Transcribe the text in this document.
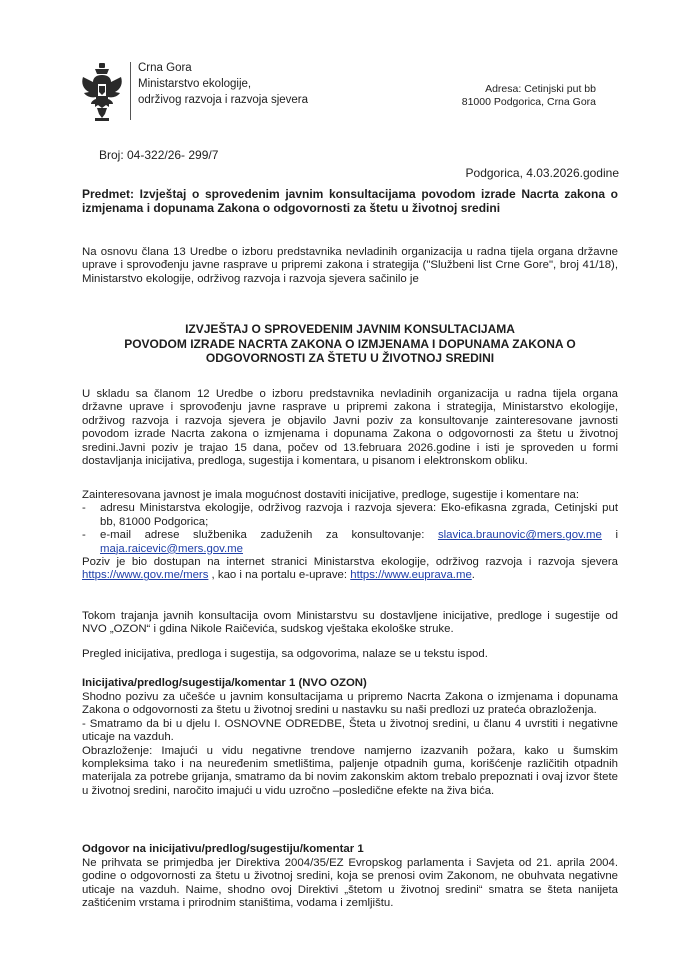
Crna Gora
Ministarstvo ekologije,
održivog razvoja i razvoja sjevera
Adresa: Cetinjski put bb
81000 Podgorica, Crna Gora
Broj: 04-322/26- 299/7
Podgorica, 4.03.2026.godine
Predmet: Izvještaj o sprovedenim javnim konsultacijama povodom izrade Nacrta zakona o izmjenama i dopunama Zakona o odgovornosti za štetu u životnoj sredini

Na osnovu člana 13 Uredbe o izboru predstavnika nevladinih organizacija u radna tijela organa državne uprave i sprovođenju javne rasprave u pripremi zakona i strategija ("Službeni list Crne Gore", broj 41/18), Ministarstvo ekologije, održivog razvoja i razvoja sjevera sačinilo je

IZVJEŠTAJ O SPROVEDENIM JAVNIM KONSULTACIJAMA
POVODOM IZRADE NACRTA ZAKONA O IZMJENAMA I DOPUNAMA ZAKONA O
ODGOVORNOSTI ZA ŠTETU U ŽIVOTNOJ SREDINI

U skladu sa članom 12 Uredbe o izboru predstavnika nevladinih organizacija u radna tijela organa državne uprave i sprovođenju javne rasprave u pripremi zakona i strategija, Ministarstvo ekologije, održivog razvoja i razvoja sjevera je objavilo Javni poziv za konsultovanje zainteresovane javnosti povodom izrade Nacrta zakona o izmjenama i dopunama Zakona o odgovornosti za štetu u životnoj sredini.Javni poziv je trajao 15 dana, počev od 13.februara 2026.godine i isti je sproveden u formi dostavljanja inicijativa, predloga, sugestija i komentara, u pisanom i elektronskom obliku.

Zainteresovana javnost je imala mogućnost dostaviti inicijative, predloge, sugestije i komentare na:

- adresu Ministarstva ekologije, održivog razvoja i razvoja sjevera: Eko-efikasna zgrada, Cetinjski put bb, 81000 Podgorica;
- e-mail adrese službenika zaduženih za konsultovanje: slavica.braunovic@mers.gov.me i maja.raicevic@mers.gov.me

Poziv je bio dostupan na internet stranici Ministarstva ekologije, održivog razvoja i razvoja sjevera https://www.gov.me/mers , kao i na portalu e-uprave: https://www.euprava.me.

Tokom trajanja javnih konsultacija ovom Ministarstvu su dostavljene inicijative, predloge i sugestije od NVO „OZON“ i gdina Nikole Raičevića, sudskog vještaka ekološke struke.

Pregled inicijativa, predloga i sugestija, sa odgovorima, nalaze se u tekstu ispod.

Inicijativa/predlog/sugestija/komentar 1 (NVO OZON)

Shodno pozivu za učešće u javnim konsultacijama u pripremo Nacrta Zakona o izmjenama i dopunama Zakona o odgovornosti za štetu u životnoj sredini u nastavku su naši predlozi uz prateća obrazloženja.

- Smatramo da bi u djelu I. OSNOVNE ODREDBE, Šteta u životnoj sredini, u članu 4 uvrstiti i negativne uticaje na vazduh.

Obrazloženje: Imajući u vidu negativne trendove namjerno izazvanih požara, kako u šumskim kompleksima tako i na neuređenim smetlištima, paljenje otpadnih guma, korišćenje različitih otpadnih materijala za potrebe grijanja, smatramo da bi novim zakonskim aktom trebalo prepoznati i ovaj izvor štete u životnoj sredini, naročito imajući u vidu uzročno –posledične efekte na živa bića.

Odgovor na inicijativu/predlog/sugestiju/komentar 1

Ne prihvata se primjedba jer Direktiva 2004/35/EZ Evropskog parlamenta i Savjeta od 21. aprila 2004. godine o odgovornosti za štetu u životnoj sredini, koja se prenosi ovim Zakonom, ne obuhvata negativne uticaje na vazduh. Naime, shodno ovoj Direktivi „štetom u životnoj sredini“ smatra se šteta nanijeta zaštićenim vrstama i prirodnim staništima, vodama i zemljištu.
